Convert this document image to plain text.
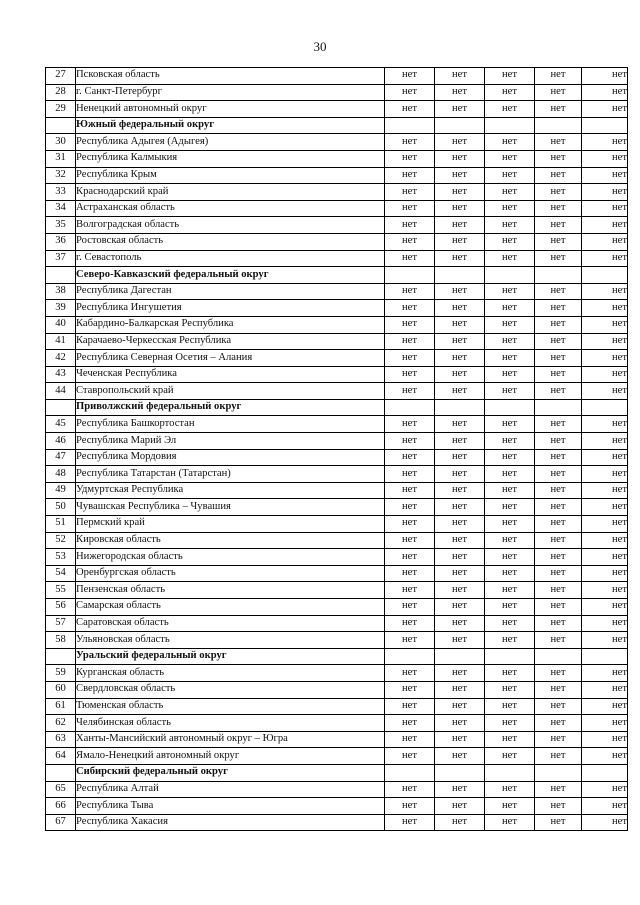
30
27	Псковская область	нет	нет	нет	нет	нет
28	г. Санкт-Петербург	нет	нет	нет	нет	нет
29	Ненецкий автономный округ	нет	нет	нет	нет	нет
	Южный федеральный округ					
30	Республика Адыгея (Адыгея)	нет	нет	нет	нет	нет
31	Республика Калмыкия	нет	нет	нет	нет	нет
32	Республика Крым	нет	нет	нет	нет	нет
33	Краснодарский край	нет	нет	нет	нет	нет
34	Астраханская область	нет	нет	нет	нет	нет
35	Волгоградская область	нет	нет	нет	нет	нет
36	Ростовская область	нет	нет	нет	нет	нет
37	г. Севастополь	нет	нет	нет	нет	нет
	Северо-Кавказский федеральный округ					
38	Республика Дагестан	нет	нет	нет	нет	нет
39	Республика Ингушетия	нет	нет	нет	нет	нет
40	Кабардино-Балкарская Республика	нет	нет	нет	нет	нет
41	Карачаево-Черкесская Республика	нет	нет	нет	нет	нет
42	Республика Северная Осетия – Алания	нет	нет	нет	нет	нет
43	Чеченская Республика	нет	нет	нет	нет	нет
44	Ставропольский край	нет	нет	нет	нет	нет
	Приволжский федеральный округ					
45	Республика Башкортостан	нет	нет	нет	нет	нет
46	Республика Марий Эл	нет	нет	нет	нет	нет
47	Республика Мордовия	нет	нет	нет	нет	нет
48	Республика Татарстан (Татарстан)	нет	нет	нет	нет	нет
49	Удмуртская Республика	нет	нет	нет	нет	нет
50	Чувашская Республика – Чувашия	нет	нет	нет	нет	нет
51	Пермский край	нет	нет	нет	нет	нет
52	Кировская область	нет	нет	нет	нет	нет
53	Нижегородская область	нет	нет	нет	нет	нет
54	Оренбургская область	нет	нет	нет	нет	нет
55	Пензенская область	нет	нет	нет	нет	нет
56	Самарская область	нет	нет	нет	нет	нет
57	Саратовская область	нет	нет	нет	нет	нет
58	Ульяновская область	нет	нет	нет	нет	нет
	Уральский федеральный округ					
59	Курганская область	нет	нет	нет	нет	нет
60	Свердловская область	нет	нет	нет	нет	нет
61	Тюменская область	нет	нет	нет	нет	нет
62	Челябинская область	нет	нет	нет	нет	нет
63	Ханты-Мансийский автономный округ – Югра	нет	нет	нет	нет	нет
64	Ямало-Ненецкий автономный округ	нет	нет	нет	нет	нет
	Сибирский федеральный округ					
65	Республика Алтай	нет	нет	нет	нет	нет
66	Республика Тыва	нет	нет	нет	нет	нет
67	Республика Хакасия	нет	нет	нет	нет	нет
